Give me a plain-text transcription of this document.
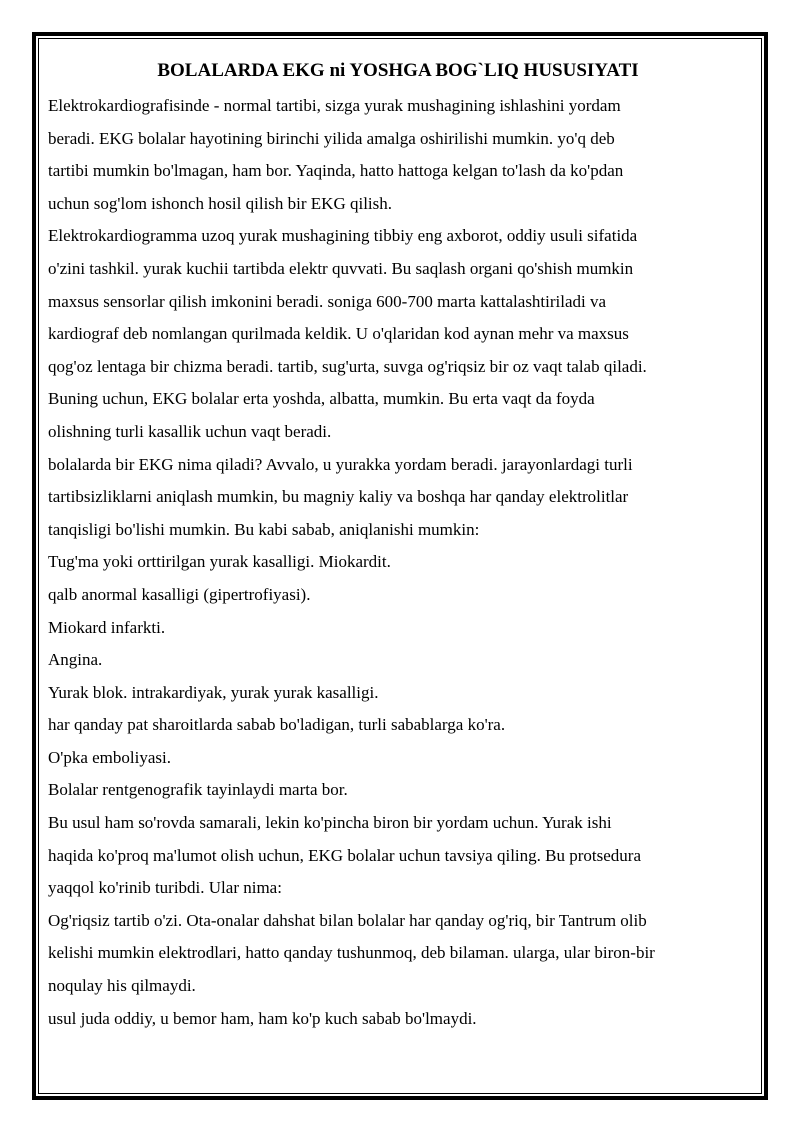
BOLALARDA EKG ni YOSHGA BOG`LIQ HUSUSIYATI

Elektrokardiografisinde - normal tartibi, sizga yurak mushagining ishlashini yordam
beradi. EKG bolalar hayotining birinchi yilida amalga oshirilishi mumkin. yo'q deb
tartibi mumkin bo'lmagan, ham bor. Yaqinda, hatto hattoga kelgan to'lash da ko'pdan
uchun sog'lom ishonch hosil qilish bir EKG qilish.

Elektrokardiogramma uzoq yurak mushagining tibbiy eng axborot, oddiy usuli sifatida
o'zini tashkil. yurak kuchii tartibda elektr quvvati. Bu saqlash organi qo'shish mumkin
maxsus sensorlar qilish imkonini beradi. soniga 600-700 marta kattalashtiriladi va
kardiograf deb nomlangan qurilmada keldik. U o'qlaridan kod aynan mehr va maxsus
qog'oz lentaga bir chizma beradi. tartib, sug'urta, suvga og'riqsiz bir oz vaqt talab qiladi.
Buning uchun, EKG bolalar erta yoshda, albatta, mumkin. Bu erta vaqt da foyda
olishning turli kasallik uchun vaqt beradi.

bolalarda bir EKG nima qiladi? Avvalo, u yurakka yordam beradi. jarayonlardagi turli
tartibsizliklarni aniqlash mumkin, bu magniy kaliy va boshqa har qanday elektrolitlar
tanqisligi bo'lishi mumkin. Bu kabi sabab, aniqlanishi mumkin:

Tug'ma yoki orttirilgan yurak kasalligi. Miokardit.

qalb anormal kasalligi (gipertrofiyasi).

Miokard infarkti.

Angina.

Yurak blok. intrakardiyak, yurak yurak kasalligi.

har qanday pat sharoitlarda sabab bo'ladigan, turli sabablarga ko'ra.

O'pka emboliyasi.

Bolalar rentgenografik tayinlaydi marta bor.

Bu usul ham so'rovda samarali, lekin ko'pincha biron bir yordam uchun. Yurak ishi
haqida ko'proq ma'lumot olish uchun, EKG bolalar uchun tavsiya qiling. Bu protsedura
yaqqol ko'rinib turibdi. Ular nima:

Og'riqsiz tartib o'zi. Ota-onalar dahshat bilan bolalar har qanday og'riq, bir Tantrum olib
kelishi mumkin elektrodlari, hatto qanday tushunmoq, deb bilaman. ularga, ular biron-bir
noqulay his qilmaydi.

usul juda oddiy, u bemor ham, ham ko'p kuch sabab bo'lmaydi.
